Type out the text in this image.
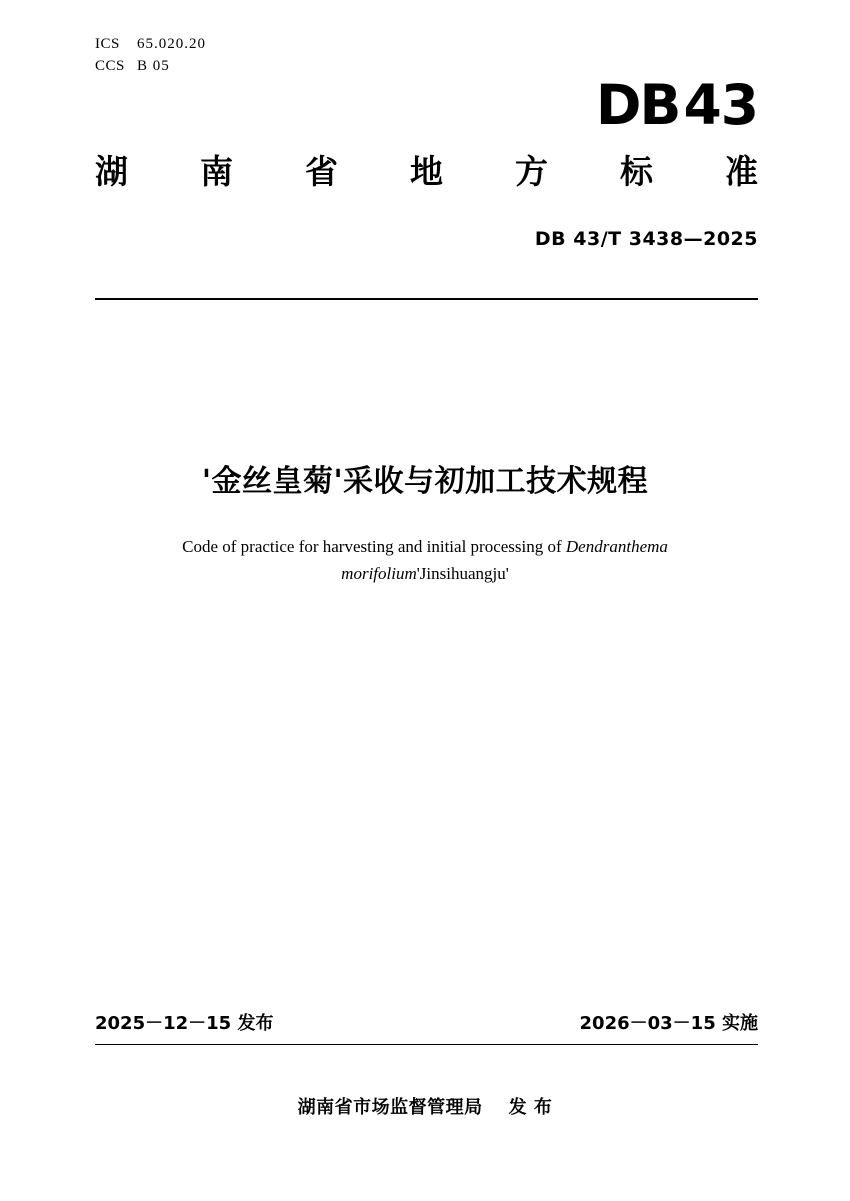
ICS	65.020.20
CCS B 05
DB43
湖 南 省 地 方 标 准
DB 43/T 3438—2025
'金丝皇菊'采收与初加工技术规程
Code of practice for harvesting and initial processing of Dendranthema
morifolium'Jinsihuangju'
2025－12－15 发布	2026－03－15 实施
湖南省市场监督管理局 发 布
